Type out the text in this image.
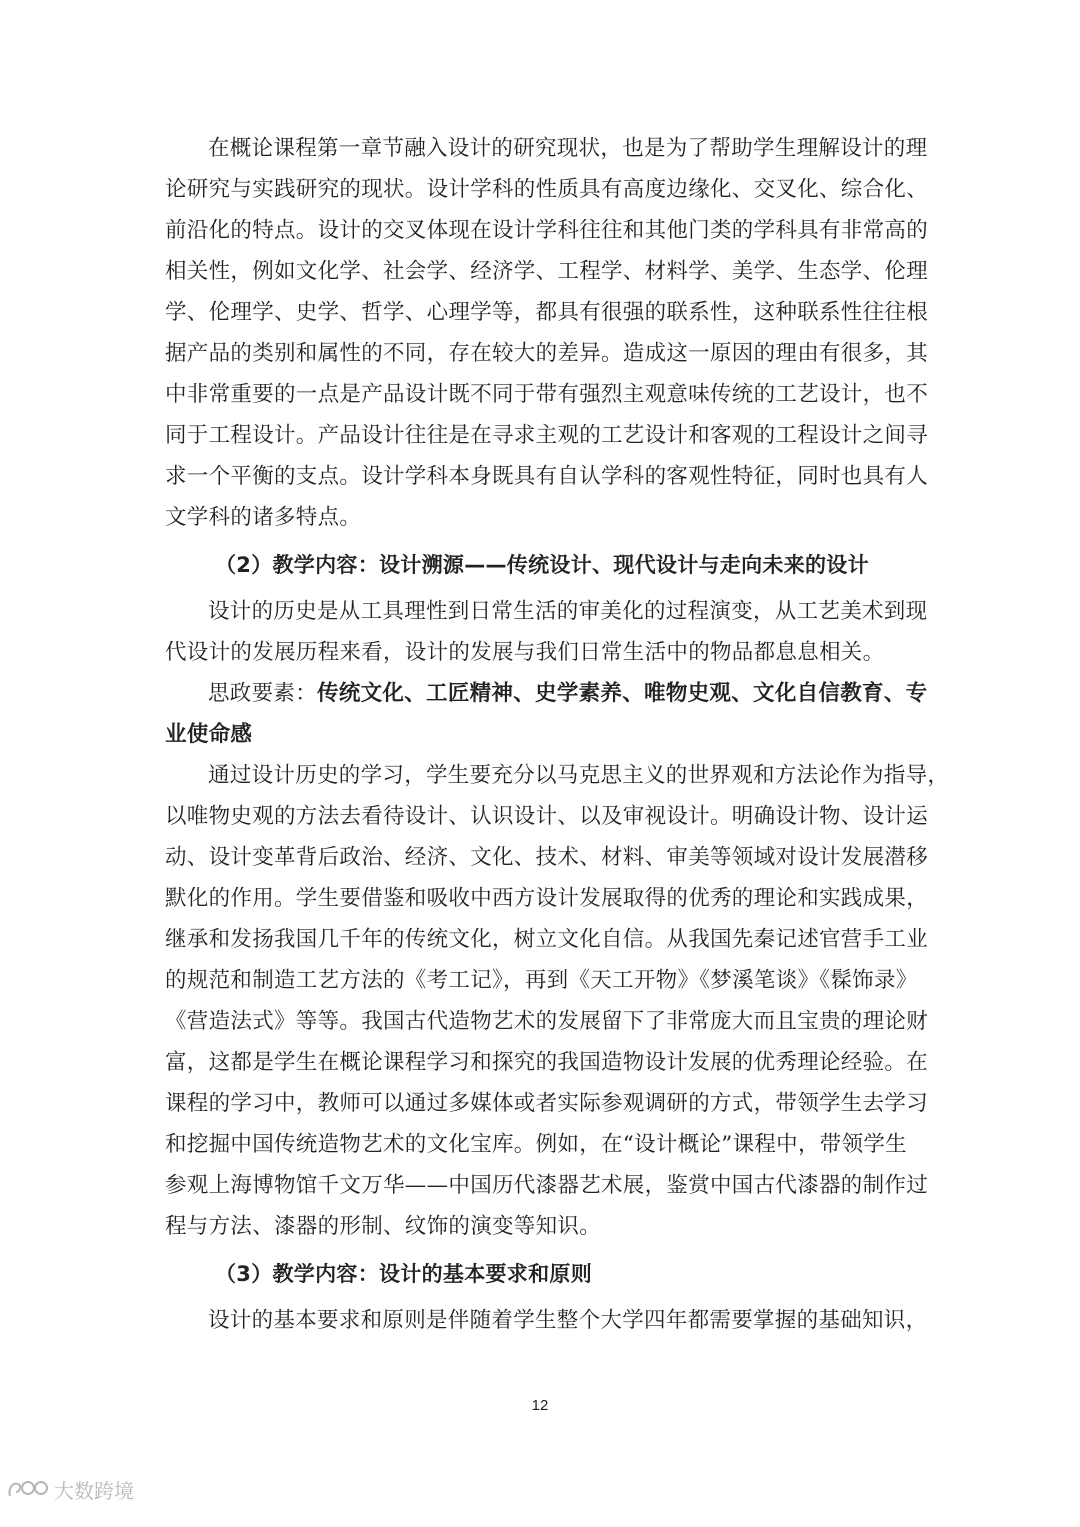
在概论课程第一章节融入设计的研究现状，也是为了帮助学生理解设计的理
论研究与实践研究的现状。设计学科的性质具有高度边缘化、交叉化、综合化、
前沿化的特点。设计的交叉体现在设计学科往往和其他门类的学科具有非常高的
相关性，例如文化学、社会学、经济学、工程学、材料学、美学、生态学、伦理
学、伦理学、史学、哲学、心理学等，都具有很强的联系性，这种联系性往往根
据产品的类别和属性的不同，存在较大的差异。造成这一原因的理由有很多，其
中非常重要的一点是产品设计既不同于带有强烈主观意味传统的工艺设计，也不
同于工程设计。产品设计往往是在寻求主观的工艺设计和客观的工程设计之间寻
求一个平衡的支点。设计学科本身既具有自认学科的客观性特征，同时也具有人
文学科的诸多特点。
（2）教学内容：设计溯源——传统设计、现代设计与走向未来的设计
设计的历史是从工具理性到日常生活的审美化的过程演变，从工艺美术到现
代设计的发展历程来看，设计的发展与我们日常生活中的物品都息息相关。
思政要素：传统文化、工匠精神、史学素养、唯物史观、文化自信教育、专
业使命感
通过设计历史的学习，学生要充分以马克思主义的世界观和方法论作为指导，
以唯物史观的方法去看待设计、认识设计、以及审视设计。明确设计物、设计运
动、设计变革背后政治、经济、文化、技术、材料、审美等领域对设计发展潜移
默化的作用。学生要借鉴和吸收中西方设计发展取得的优秀的理论和实践成果，
继承和发扬我国几千年的传统文化，树立文化自信。从我国先秦记述官营手工业
的规范和制造工艺方法的《考工记》，再到《天工开物》《梦溪笔谈》《髹饰录》
《营造法式》等等。我国古代造物艺术的发展留下了非常庞大而且宝贵的理论财
富，这都是学生在概论课程学习和探究的我国造物设计发展的优秀理论经验。在
课程的学习中，教师可以通过多媒体或者实际参观调研的方式，带领学生去学习
和挖掘中国传统造物艺术的文化宝库。例如，在“设计概论”课程中，带领学生
参观上海博物馆千文万华——中国历代漆器艺术展，鉴赏中国古代漆器的制作过
程与方法、漆器的形制、纹饰的演变等知识。
（3）教学内容：设计的基本要求和原则
设计的基本要求和原则是伴随着学生整个大学四年都需要掌握的基础知识，
12
大数跨境
